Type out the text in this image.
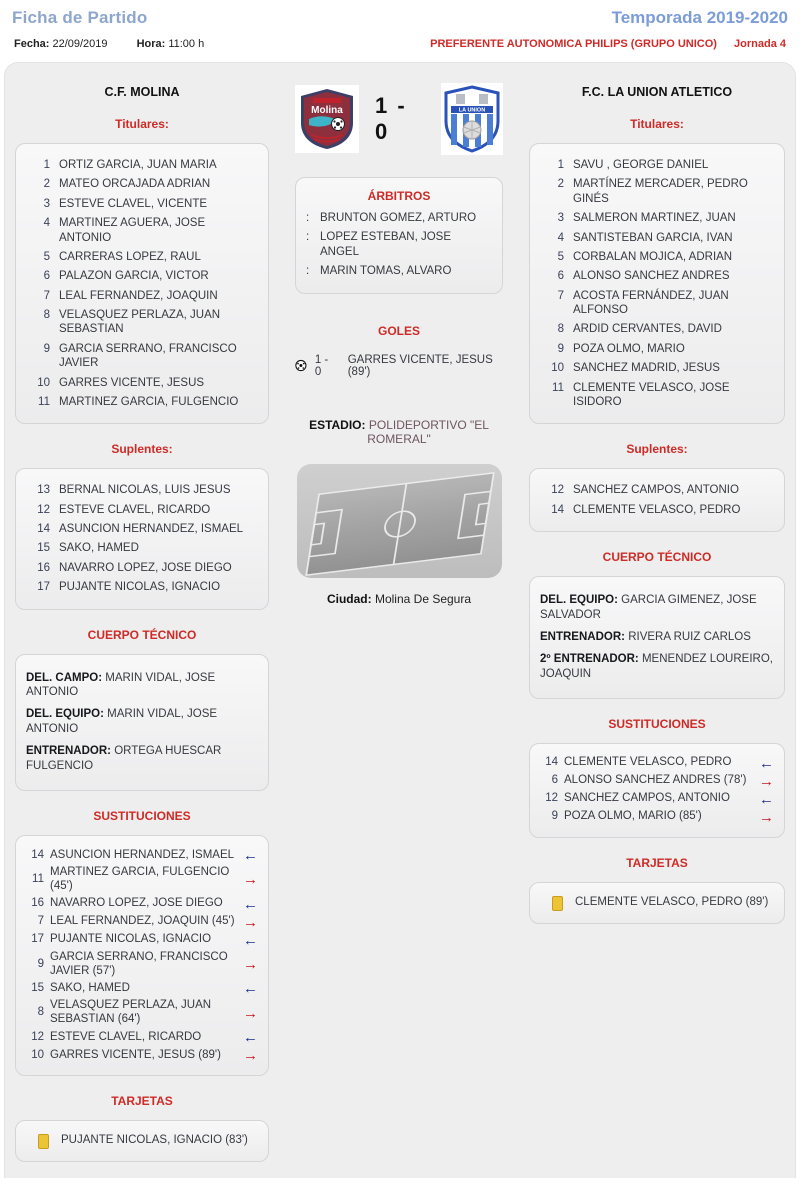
Ficha de Partido	Temporada 2019-2020
Fecha: 22/09/2019	Hora: 11:00 h	PREFERENTE AUTONOMICA PHILIPS (GRUPO UNICO) Jornada 4
C.F. MOLINA
Titulares:
1 ORTIZ GARCIA, JUAN MARIA
2 MATEO ORCAJADA ADRIAN
3 ESTEVE CLAVEL, VICENTE
4 MARTINEZ AGUERA, JOSE ANTONIO
5 CARRERAS LOPEZ, RAUL
6 PALAZON GARCIA, VICTOR
7 LEAL FERNANDEZ, JOAQUIN
8 VELASQUEZ PERLAZA, JUAN SEBASTIAN
9 GARCIA SERRANO, FRANCISCO JAVIER
10 GARRES VICENTE, JESUS
11 MARTINEZ GARCIA, FULGENCIO
Suplentes:
13 BERNAL NICOLAS, LUIS JESUS
12 ESTEVE CLAVEL, RICARDO
14 ASUNCION HERNANDEZ, ISMAEL
15 SAKO, HAMED
16 NAVARRO LOPEZ, JOSE DIEGO
17 PUJANTE NICOLAS, IGNACIO
CUERPO TÉCNICO
DEL. CAMPO: MARIN VIDAL, JOSE ANTONIO
DEL. EQUIPO: MARIN VIDAL, JOSE ANTONIO
ENTRENADOR: ORTEGA HUESCAR FULGENCIO
SUSTITUCIONES
14 ASUNCION HERNANDEZ, ISMAEL
←
11
MARTINEZ GARCIA, FULGENCIO (45')
→
16 NAVARRO LOPEZ, JOSE DIEGO
←
7 LEAL FERNANDEZ, JOAQUIN (45')
→
17 PUJANTE NICOLAS, IGNACIO
←
9
GARCIA SERRANO, FRANCISCO JAVIER (57')
→
15 SAKO, HAMED
←
8
VELASQUEZ PERLAZA, JUAN SEBASTIAN (64')
→
12 ESTEVE CLAVEL, RICARDO
←
10 GARRES VICENTE, JESUS (89')
→
TARJETAS
PUJANTE NICOLAS, IGNACIO (83')
Molina 1 - 0
LA UNION
ÁRBITROS
: BRUNTON GOMEZ, ARTURO
: LOPEZ ESTEBAN, JOSE ANGEL
: MARIN TOMAS, ALVARO
GOLES
1 - 0
GARRES VICENTE, JESUS (89')
ESTADIO: POLIDEPORTIVO "EL ROMERAL"
Ciudad: Molina De Segura
F.C. LA UNION ATLETICO
Titulares:
1 SAVU , GEORGE DANIEL
2 MARTÍNEZ MERCADER, PEDRO GINÉS
3 SALMERON MARTINEZ, JUAN
4 SANTISTEBAN GARCIA, IVAN
5 CORBALAN MOJICA, ADRIAN
6 ALONSO SANCHEZ ANDRES
7 ACOSTA FERNÁNDEZ, JUAN ALFONSO
8 ARDID CERVANTES, DAVID
9 POZA OLMO, MARIO
10 SANCHEZ MADRID, JESUS
11 CLEMENTE VELASCO, JOSE ISIDORO
Suplentes:
12 SANCHEZ CAMPOS, ANTONIO
14 CLEMENTE VELASCO, PEDRO
CUERPO TÉCNICO
DEL. EQUIPO: GARCIA GIMENEZ, JOSE SALVADOR
ENTRENADOR: RIVERA RUIZ CARLOS
2º ENTRENADOR: MENENDEZ LOUREIRO, JOAQUIN
SUSTITUCIONES
14 CLEMENTE VELASCO, PEDRO
←
6 ALONSO SANCHEZ ANDRES (78')
→
12 SANCHEZ CAMPOS, ANTONIO
←
9 POZA OLMO, MARIO (85')
→
TARJETAS
CLEMENTE VELASCO, PEDRO (89')
